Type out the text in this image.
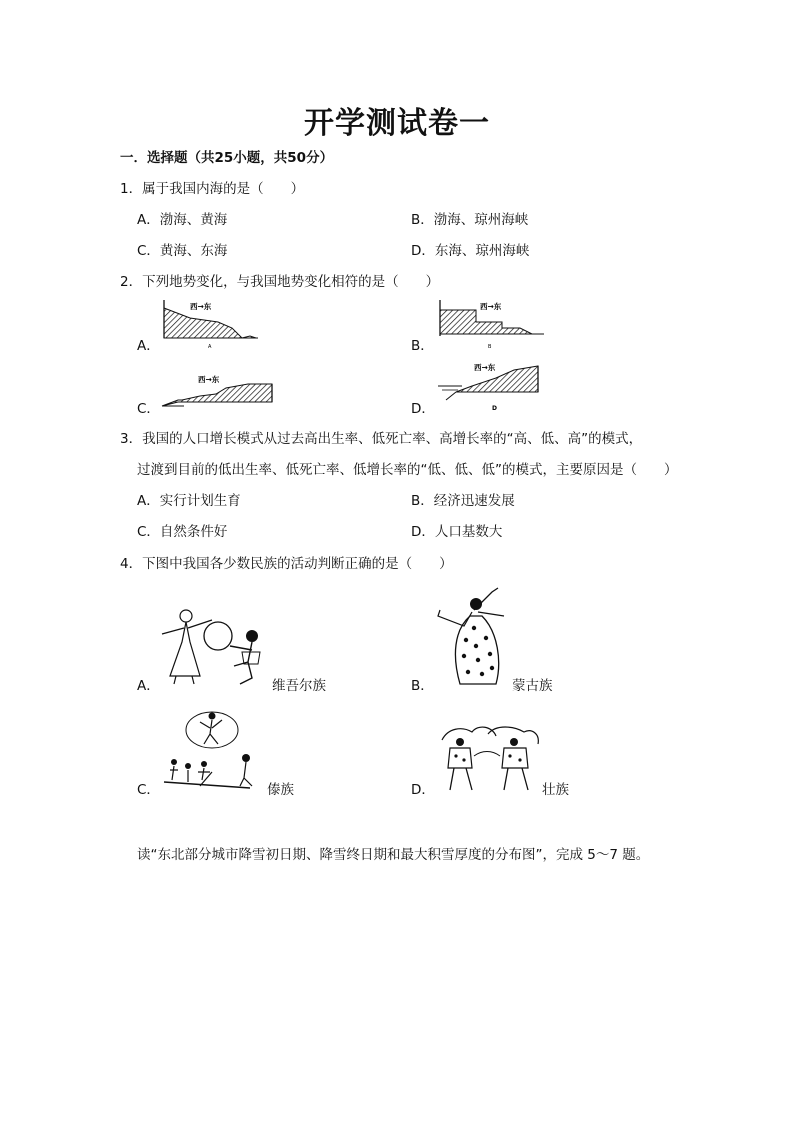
开学测试卷一
一．选择题（共25小题，共50分）
1．属于我国内海的是（　　）
A．渤海、黄海	B．渤海、琼州海峡
C．黄海、东海	D．东海、琼州海峡
2．下列地势变化，与我国地势变化相符的是（　　）
A．
西→东
A	B．
西→东
B
C．
西→东
D．
西→东
D
3．我国的人口增长模式从过去高出生率、低死亡率、高增长率的“高、低、高”的模式，
过渡到目前的低出生率、低死亡率、低增长率的“低、低、低”的模式，主要原因是（　　）
A．实行计划生育	B．经济迅速发展
C．自然条件好	D．人口基数大
4．下图中我国各少数民族的活动判断正确的是（　　）
A．	维吾尔族	B．	蒙古族
C．	傣族	D．	壮族
读“东北部分城市降雪初日期、降雪终日期和最大积雪厚度的分布图”，完成 5～7 题。
